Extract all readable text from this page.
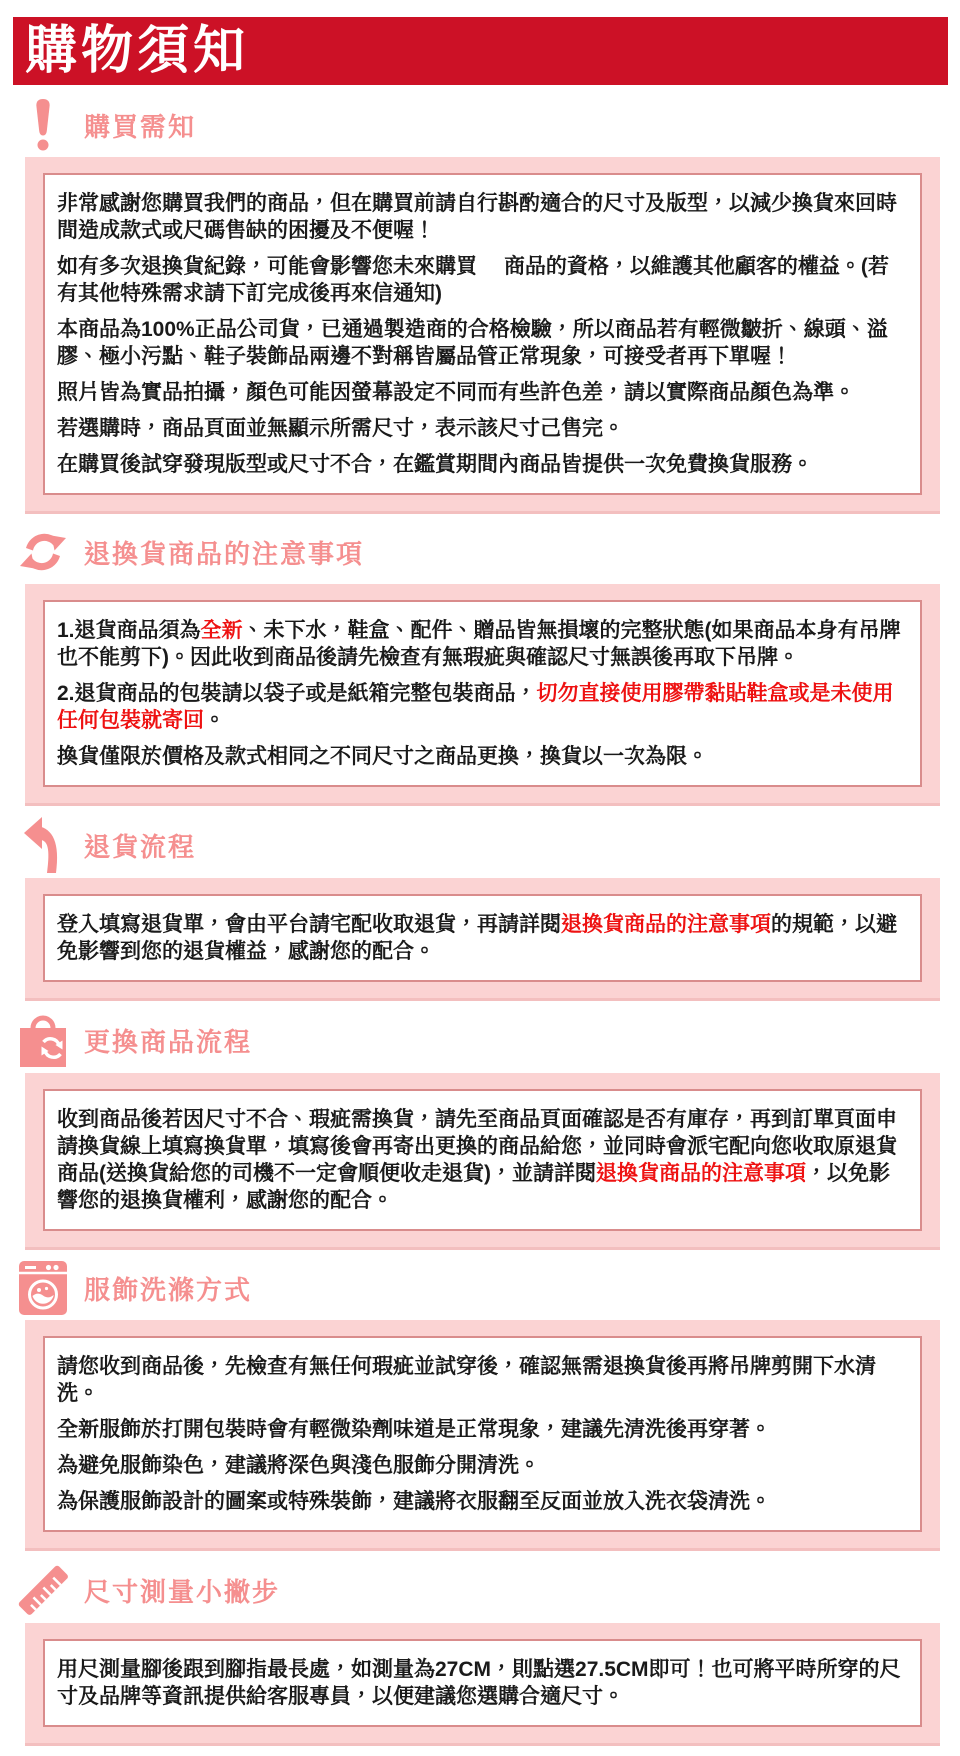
購物須知
購買需知

非常感謝您購買我們的商品，但在購買前請自行斟酌適合的尺寸及版型，以減少換貨來回時間造成款式或尺碼售缺的困擾及不便喔！

如有多次退換貨紀錄，可能會影響您未來購買　 商品的資格，以維護其他顧客的權益。(若有其他特殊需求請下訂完成後再來信通知)

本商品為100%正品公司貨，已通過製造商的合格檢驗，所以商品若有輕微皺折、線頭、溢膠、極小污點、鞋子裝飾品兩邊不對稱皆屬品管正常現象，可接受者再下單喔！

照片皆為實品拍攝，顏色可能因螢幕設定不同而有些許色差，請以實際商品顏色為準。

若選購時，商品頁面並無顯示所需尺寸，表示該尺寸己售完。

在購買後試穿發現版型或尺寸不合，在鑑賞期間內商品皆提供一次免費換貨服務。

退換貨商品的注意事項

1.退貨商品須為全新、未下水，鞋盒、配件、贈品皆無損壞的完整狀態(如果商品本身有吊牌也不能剪下)。因此收到商品後請先檢查有無瑕疵與確認尺寸無誤後再取下吊牌。

2.退貨商品的包裝請以袋子或是紙箱完整包裝商品，切勿直接使用膠帶黏貼鞋盒或是未使用任何包裝就寄回。

換貨僅限於價格及款式相同之不同尺寸之商品更換，換貨以一次為限。

退貨流程

登入填寫退貨單，會由平台請宅配收取退貨，再請詳閱退換貨商品的注意事項的規範，以避免影響到您的退貨權益，感謝您的配合。

更換商品流程

收到商品後若因尺寸不合、瑕疵需換貨，請先至商品頁面確認是否有庫存，再到訂單頁面申請換貨線上填寫換貨單，填寫後會再寄出更換的商品給您，並同時會派宅配向您收取原退貨商品(送換貨給您的司機不一定會順便收走退貨)，並請詳閱退換貨商品的注意事項，以免影響您的退換貨權利，感謝您的配合。

服飾洗滌方式

請您收到商品後，先檢查有無任何瑕疵並試穿後，確認無需退換貨後再將吊牌剪開下水清洗。

全新服飾於打開包裝時會有輕微染劑味道是正常現象，建議先清洗後再穿著。

為避免服飾染色，建議將深色與淺色服飾分開清洗。

為保護服飾設計的圖案或特殊裝飾，建議將衣服翻至反面並放入洗衣袋清洗。

尺寸測量小撇步

用尺測量腳後跟到腳指最長處，如測量為27CM，則點選27.5CM即可！也可將平時所穿的尺寸及品牌等資訊提供給客服專員，以便建議您選購合適尺寸。
